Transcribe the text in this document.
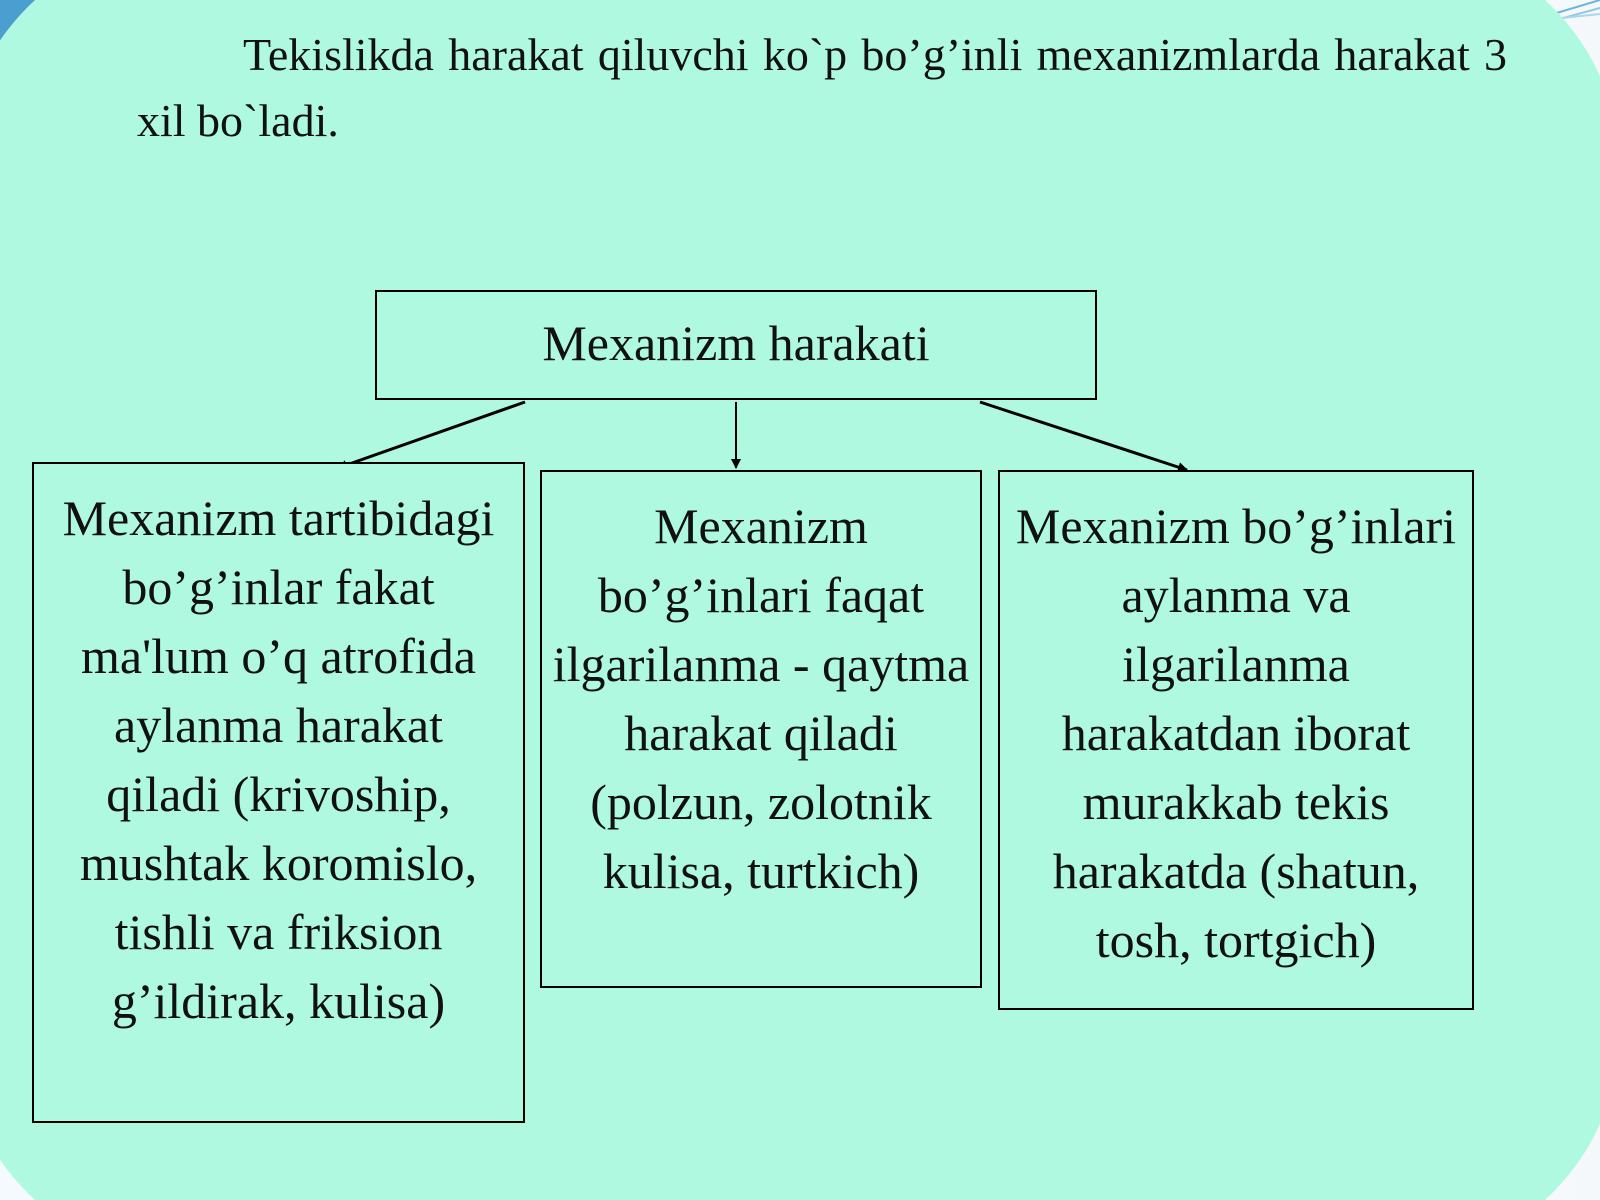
Tekislikda harakat qiluvchi ko`p bo’g’inli mexanizmlarda harakat 3 xil bo`ladi.

Mexanizm harakati

Mexanizm tartibidagi bo’g’inlar fakat ma'lum o’q atrofida aylanma harakat qiladi (krivoship, mushtak koromislo, tishli va friksion g’ildirak, kulisa)

Mexanizm bo’g’inlari faqat ilgarilanma - qaytma harakat qiladi (polzun, zolotnik kulisa, turtkich)

Mexanizm bo’g’inlari aylanma va ilgarilanma harakatdan iborat murakkab tekis harakatda (shatun, tosh, tortgich)
